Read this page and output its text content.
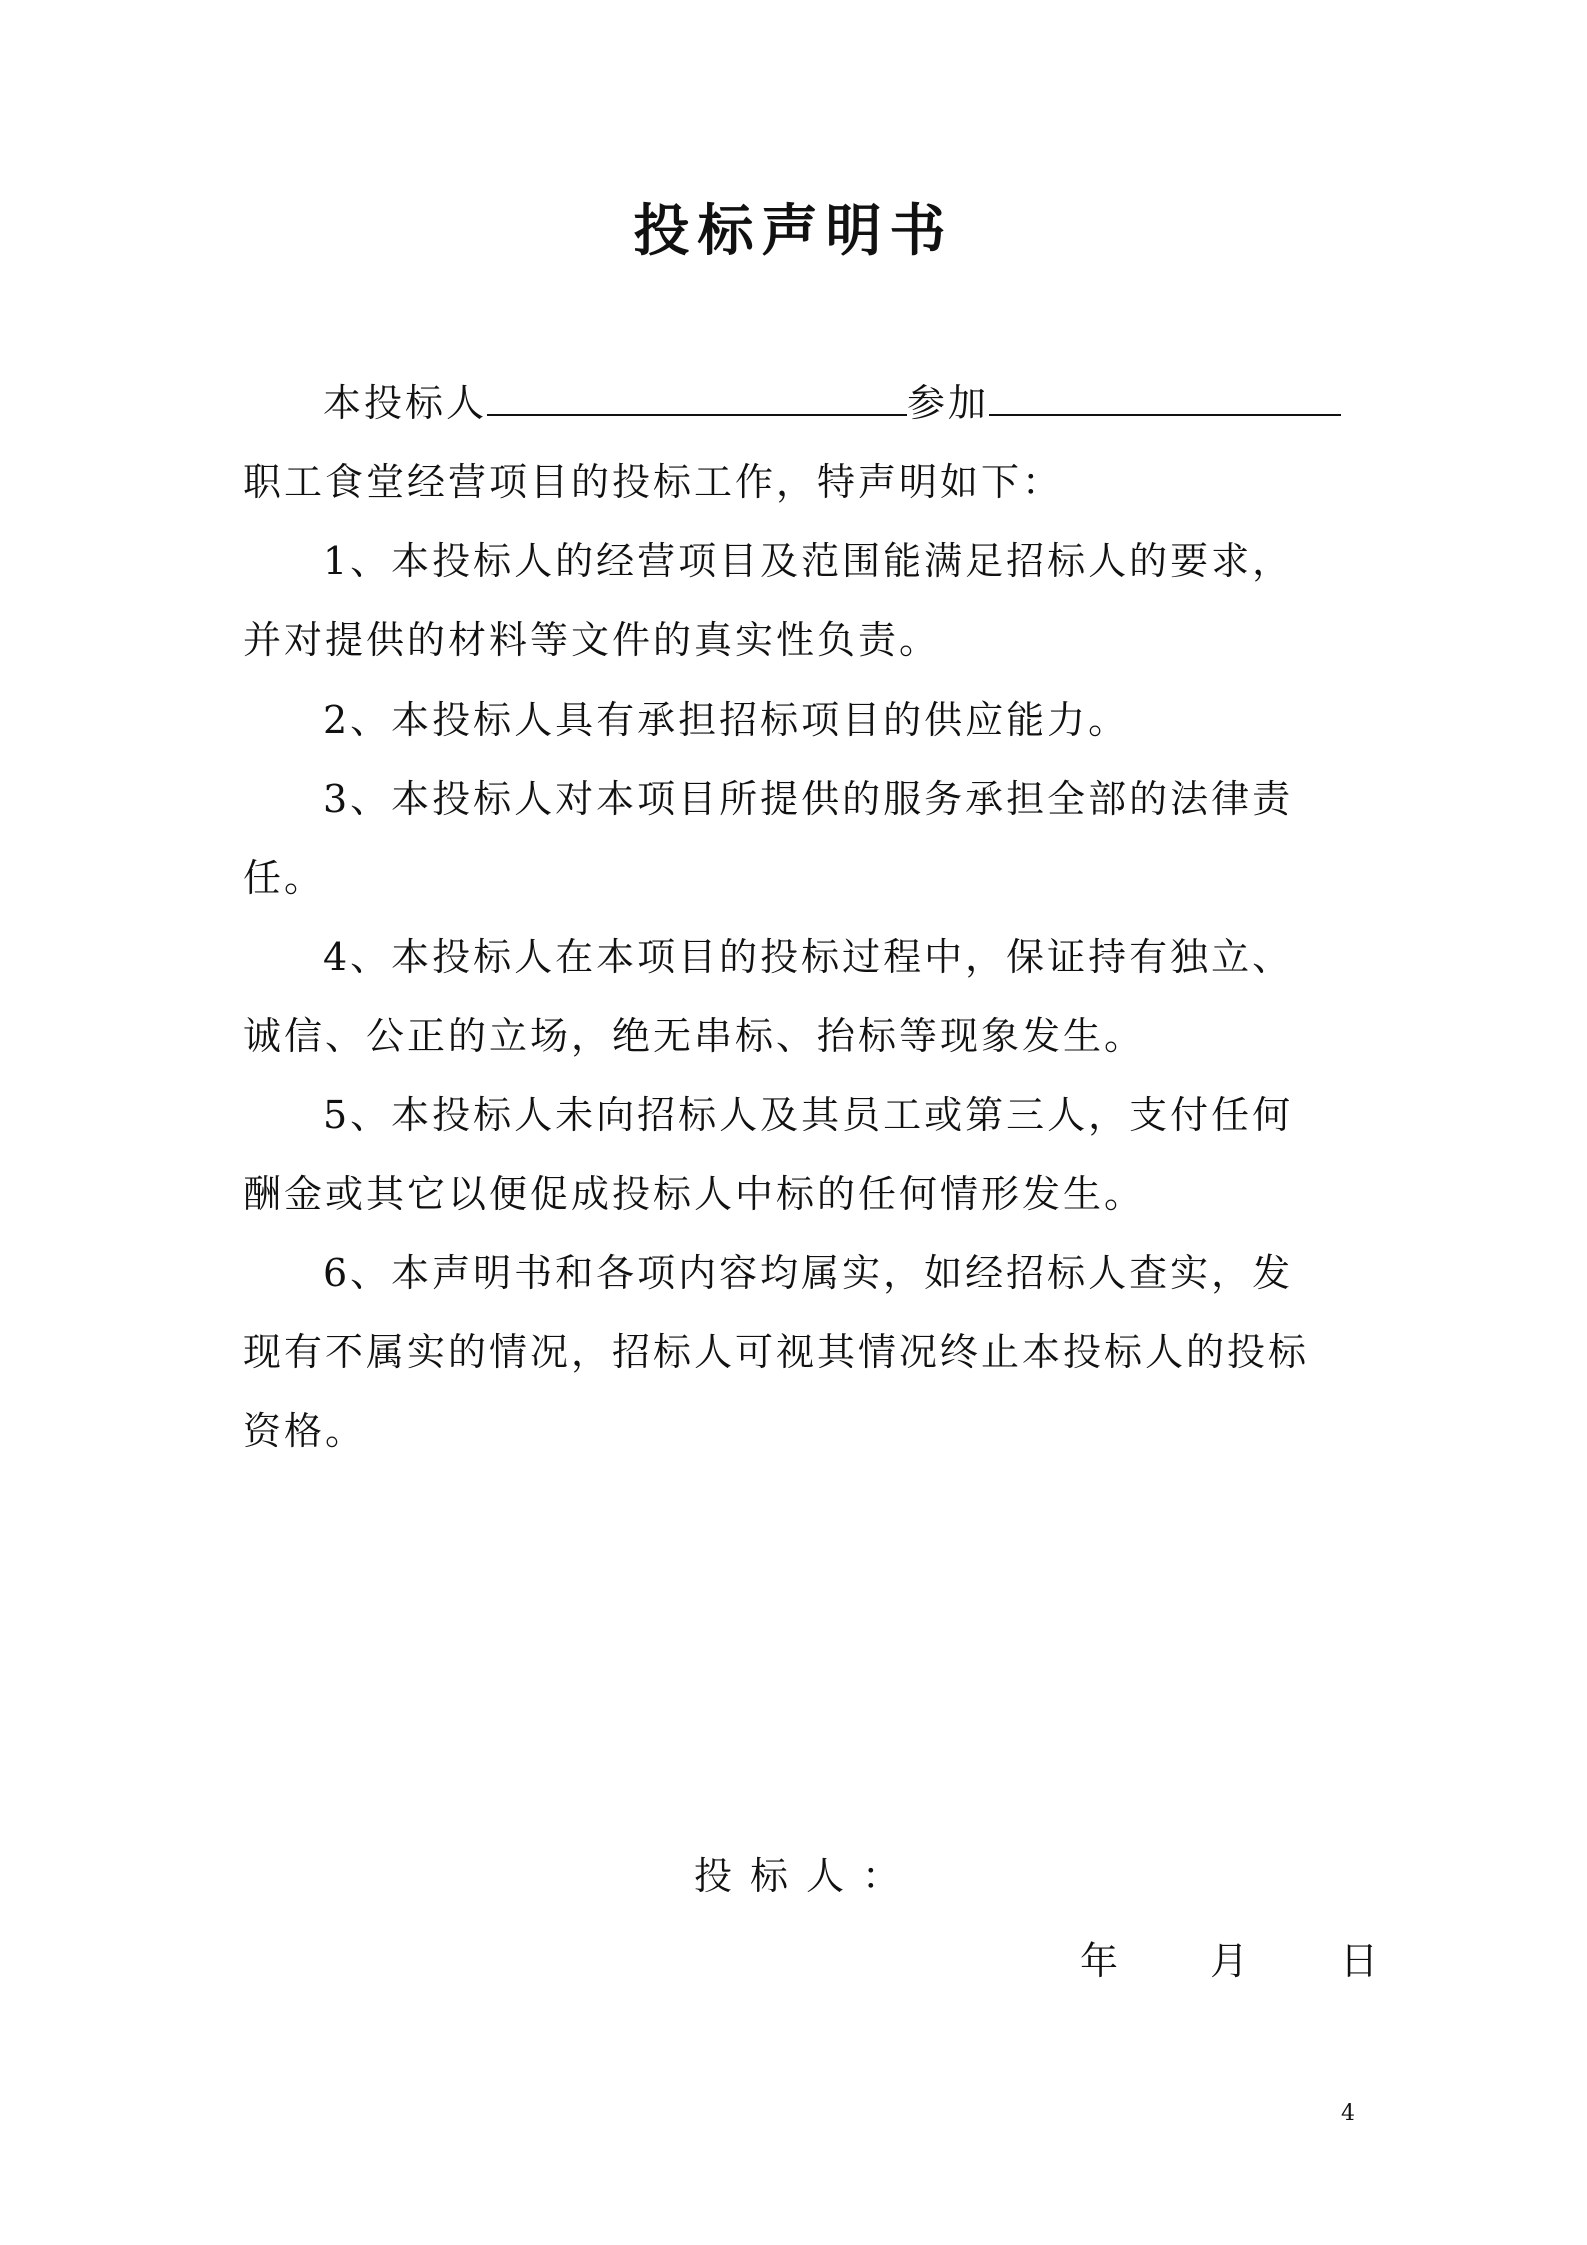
投标声明书
本投标人	参加
职工食堂经营项目的投标工作，特声明如下：
1、本投标人的经营项目及范围能满足招标人的要求，
并对提供的材料等文件的真实性负责。
2、本投标人具有承担招标项目的供应能力。
3、本投标人对本项目所提供的服务承担全部的法律责
任。
4、本投标人在本项目的投标过程中，保证持有独立、
诚信、公正的立场，绝无串标、抬标等现象发生。
5、本投标人未向招标人及其员工或第三人，支付任何
酬金或其它以便促成投标人中标的任何情形发生。
6、本声明书和各项内容均属实，如经招标人查实，发
现有不属实的情况，招标人可视其情况终止本投标人的投标
资格。
投标人：
年 月 日
4
